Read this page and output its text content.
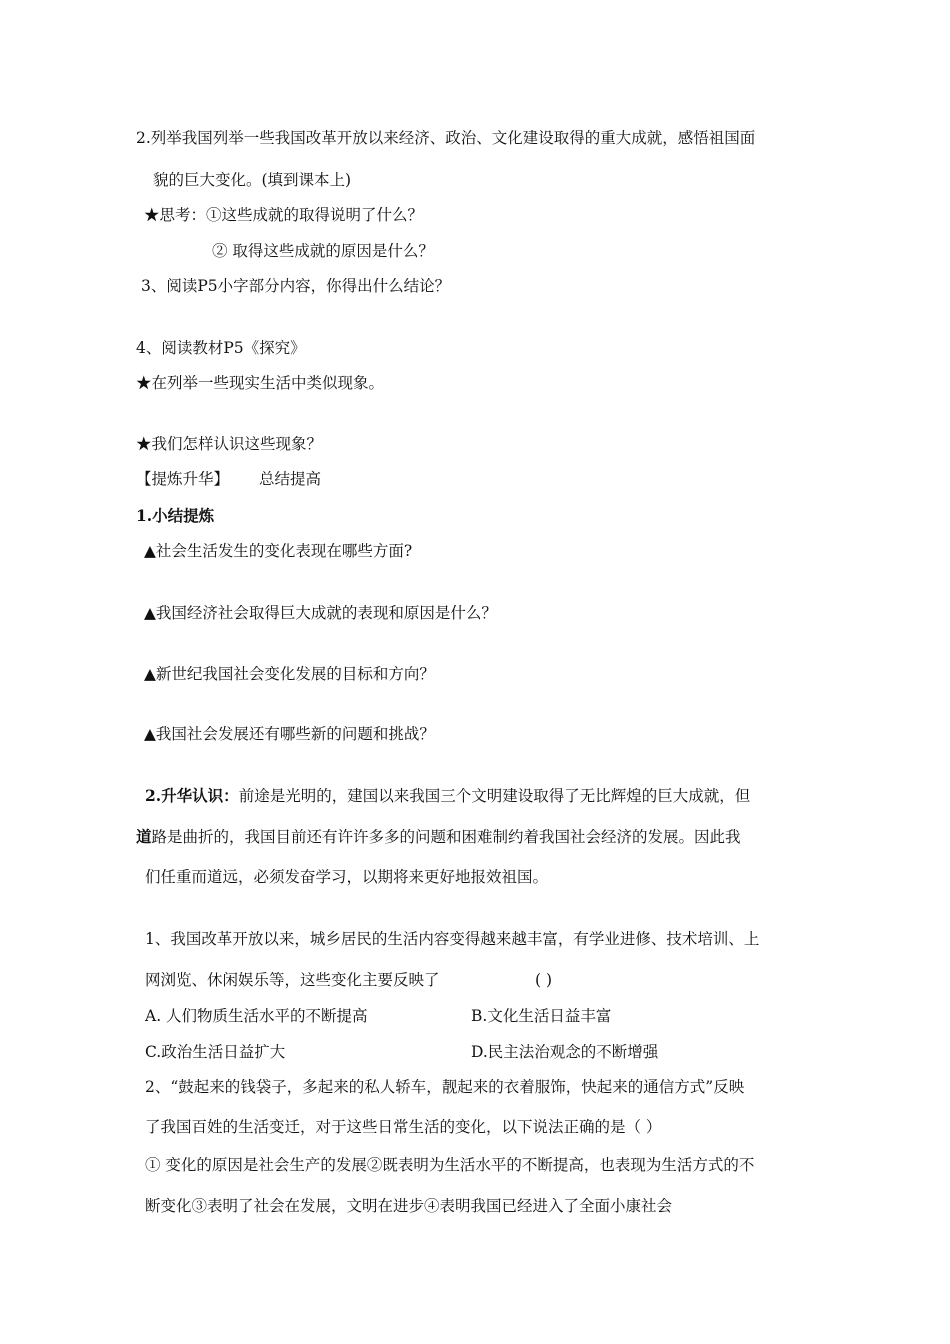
2.列举我国列举一些我国改革开放以来经济、政治、文化建设取得的重大成就，感悟祖国面
貌的巨大变化。(填到课本上)
★思考：①这些成就的取得说明了什么？
② 取得这些成就的原因是什么？
3、阅读P5小字部分内容，你得出什么结论？
4、阅读教材P5《探究》
★在列举一些现实生活中类似现象。
★我们怎样认识这些现象？
【提炼升华】 总结提高
1.小结提炼
▲社会生活发生的变化表现在哪些方面?
▲我国经济社会取得巨大成就的表现和原因是什么？
▲新世纪我国社会变化发展的目标和方向？
▲我国社会发展还有哪些新的问题和挑战？
2.升华认识：前途是光明的，建国以来我国三个文明建设取得了无比辉煌的巨大成就，但
道路是曲折的，我国目前还有许许多多的问题和困难制约着我国社会经济的发展。因此我
们任重而道远，必须发奋学习，以期将来更好地报效祖国。
1、我国改革开放以来，城乡居民的生活内容变得越来越丰富，有学业进修、技术培训、上
网浏览、休闲娱乐等，这些变化主要反映了	( )
A. 人们物质生活水平的不断提高	B.文化生活日益丰富
C.政治生活日益扩大	D.民主法治观念的不断增强
2、“鼓起来的钱袋子，多起来的私人轿车，靓起来的衣着服饰，快起来的通信方式”反映
了我国百姓的生活变迁，对于这些日常生活的变化，以下说法正确的是（ ）
① 变化的原因是社会生产的发展②既表明为生活水平的不断提高，也表现为生活方式的不
断变化③表明了社会在发展，文明在进步④表明我国已经进入了全面小康社会
